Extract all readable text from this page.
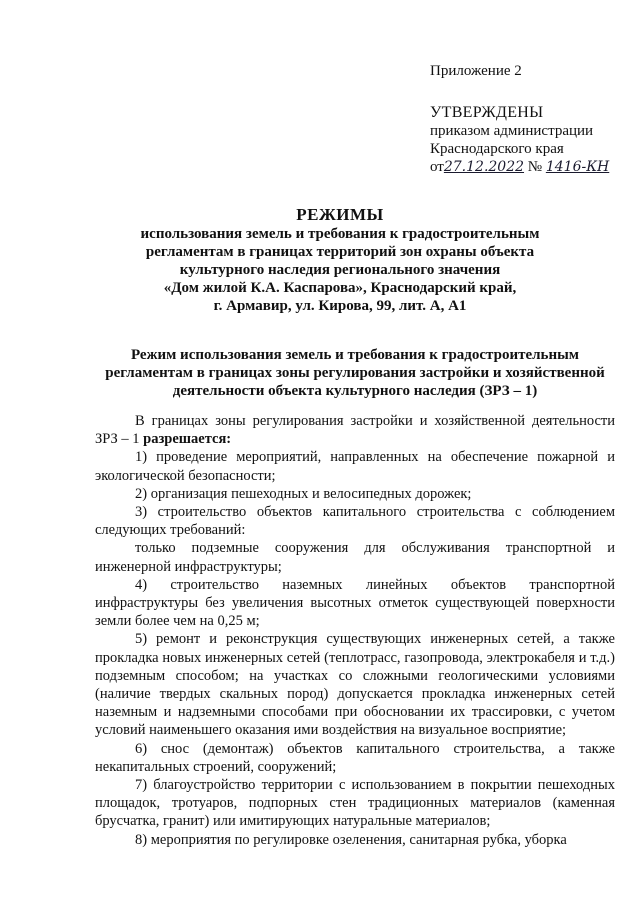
Приложение 2
УТВЕРЖДЕНЫ
приказом администрации
Краснодарского края
от27.12.2022 № 1416-КН
РЕЖИМЫ
использования земель и требования к градостроительным
регламентам в границах территорий зон охраны объекта
культурного наследия регионального значения
«Дом жилой К.А. Каспарова», Краснодарский край,
г. Армавир, ул. Кирова, 99, лит. А, А1
Режим использования земель и требования к градостроительным
регламентам в границах зоны регулирования застройки и хозяйственной
деятельности объекта культурного наследия (ЗРЗ – 1)

В границах зоны регулирования застройки и хозяйственной деятельности ЗРЗ – 1 разрешается:

1) проведение мероприятий, направленных на обеспечение пожарной и экологической безопасности;

2) организация пешеходных и велосипедных дорожек;

3) строительство объектов капитального строительства с соблюдением следующих требований:

только подземные сооружения для обслуживания транспортной и инженерной инфраструктуры;

4) строительство наземных линейных объектов транспортной инфраструктуры без увеличения высотных отметок существующей поверхности земли более чем на 0,25 м;

5) ремонт и реконструкция существующих инженерных сетей, а также прокладка новых инженерных сетей (теплотрасс, газопровода, электрокабеля и т.д.) подземным способом; на участках со сложными геологическими условиями (наличие твердых скальных пород) допускается прокладка инженерных сетей наземным и надземными способами при обосновании их трассировки, с учетом условий наименьшего оказания ими воздействия на визуальное восприятие;

6) снос (демонтаж) объектов капитального строительства, а также некапитальных строений, сооружений;

7) благоустройство территории с использованием в покрытии пешеходных площадок, тротуаров, подпорных стен традиционных материалов (каменная брусчатка, гранит) или имитирующих натуральные материалов;

8) мероприятия по регулировке озеленения, санитарная рубка, уборка
